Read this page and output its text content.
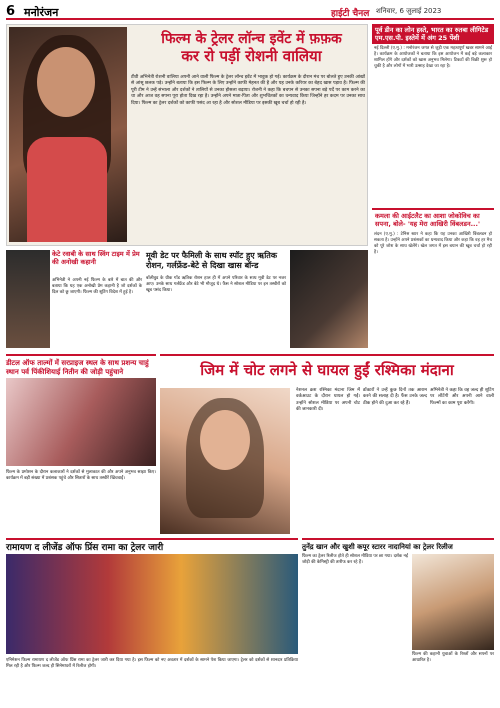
6 मनोरंजन	हाईटी चैनल शनिवार, 6 जुलाई 2023
फिल्म के ट्रेलर लॉन्च इवेंट में फ़फ़क
कर रो पड़ीं रोशनी वालिया
टीवी अभिनेत्री रोशनी वालिया अपनी आने वाली फिल्म के ट्रेलर लॉन्च इवेंट में भावुक हो गईं। कार्यक्रम के दौरान मंच पर बोलते हुए उनकी आंखों से आंसू छलक पड़े। उन्होंने बताया कि इस फिल्म के लिए उन्होंने काफी मेहनत की है और यह उनके करियर का बेहद खास पड़ाव है। फिल्म की पूरी टीम ने उन्हें संभाला और दर्शकों ने तालियों से उनका हौसला बढ़ाया। रोशनी ने कहा कि बचपन से उनका सपना बड़े पर्दे पर काम करने का था और आज वह सपना पूरा होता दिख रहा है। उन्होंने अपने माता-पिता और शुभचिंतकों का धन्यवाद किया जिन्होंने हर कदम पर उनका साथ दिया। फिल्म का ट्रेलर दर्शकों को काफी पसंद आ रहा है और सोशल मीडिया पर इसकी खूब चर्चा हो रही है।
पूर्व डीन का लोन हस्ते, भारत का रुतबा लीगिटेड एम.एस.पी. इस्तेमें में अंग 25 पेंशी
नई दिल्ली (ए.मु.) : मनोरंजन जगत से जुड़ी एक महत्वपूर्ण खबर सामने आई है। कार्यक्रम के आयोजकों ने बताया कि इस आयोजन में कई बड़े कलाकार शामिल होंगे और दर्शकों को खास अनुभव मिलेगा। टिकटों की बिक्री शुरू हो चुकी है और लोगों में भारी उत्साह देखा जा रहा है।
कमला की आईटलैट का आशा जोकोविच का सपना, बोले- 'यह मेरा आखिरी विंबलडन...'
लंदन (ए.मु.) : टेनिस स्टार ने कहा कि यह उनका आखिरी विंबलडन हो सकता है। उन्होंने अपने प्रशंसकों का धन्यवाद किया और कहा कि वह हर मैच को पूरे जोश के साथ खेलेंगे। खेल जगत में इस बयान की खूब चर्चा हो रही है।
केटे रवाबी के साथ स्विंग टाइम में प्रेम की अनोखी कहानी
अभिनेत्री ने अपनी नई फिल्म के बारे में बात की और बताया कि यह एक अनोखी प्रेम कहानी है जो दर्शकों के दिल को छू जाएगी। फिल्म की शूटिंग विदेश में हुई है।
मूवी डेट पर फैमिली के साथ स्पॉट हुए ऋतिक रोशन, गर्लफ्रेंड-बेटे से दिखा खास बॉन्ड
बॉलीवुड के ग्रीक गॉड ऋतिक रोशन हाल ही में अपने परिवार के साथ मूवी डेट पर नजर आए। उनके साथ गर्लफ्रेंड और बेटे भी मौजूद थे। फैंस ने सोशल मीडिया पर इन तस्वीरों को खूब पसंद किया।
डीटल ऑफ ताल्मों में सरप्राइज स्थल के साथ प्रशन्य चाहुं स्थान पर्व पिंकीशियाई नितीन की जोड़ी पहुंचाने
फिल्म के प्रमोशन के दौरान कलाकारों ने दर्शकों से मुलाकात की और अपने अनुभव साझा किए। कार्यक्रम में बड़ी संख्या में प्रशंसक पहुंचे और सितारों के साथ तस्वीरें खिंचवाईं।
जिम में चोट लगने से घायल हुईं रश्मिका मंदाना
नेशनल क्रश रश्मिका मंदाना जिम में वर्कआउट के दौरान घायल हो गईं। उन्होंने सोशल मीडिया पर अपनी चोट की जानकारी दी।
डॉक्टरों ने उन्हें कुछ दिनों तक आराम करने की सलाह दी है। फैंस उनके जल्द ठीक होने की दुआ कर रहे हैं।
अभिनेत्री ने कहा कि वह जल्द ही शूटिंग पर लौटेंगी और अपनी आने वाली फिल्मों का काम पूरा करेंगी।
रामायण द लीजेंड ऑफ प्रिंस रामा का ट्रेलर जारी
एनिमेशन फिल्म रामायण द लीजेंड ऑफ प्रिंस रामा का ट्रेलर जारी कर दिया गया है। इस फिल्म को नए अवतार में दर्शकों के सामने पेश किया जाएगा। ट्रेलर को दर्शकों से शानदार प्रतिक्रिया मिल रही है और फिल्म जल्द ही सिनेमाघरों में रिलीज होगी।
तुनेंद्र खान और खुशी कपूर स्टारर नादानियां का ट्रेलर रिलीज
फिल्म का ट्रेलर रिलीज होते ही सोशल मीडिया पर छा गया। दर्शक नई जोड़ी की केमिस्ट्री की तारीफ कर रहे हैं।
फिल्म की कहानी युवाओं के रिश्तों और सपनों पर आधारित है।
